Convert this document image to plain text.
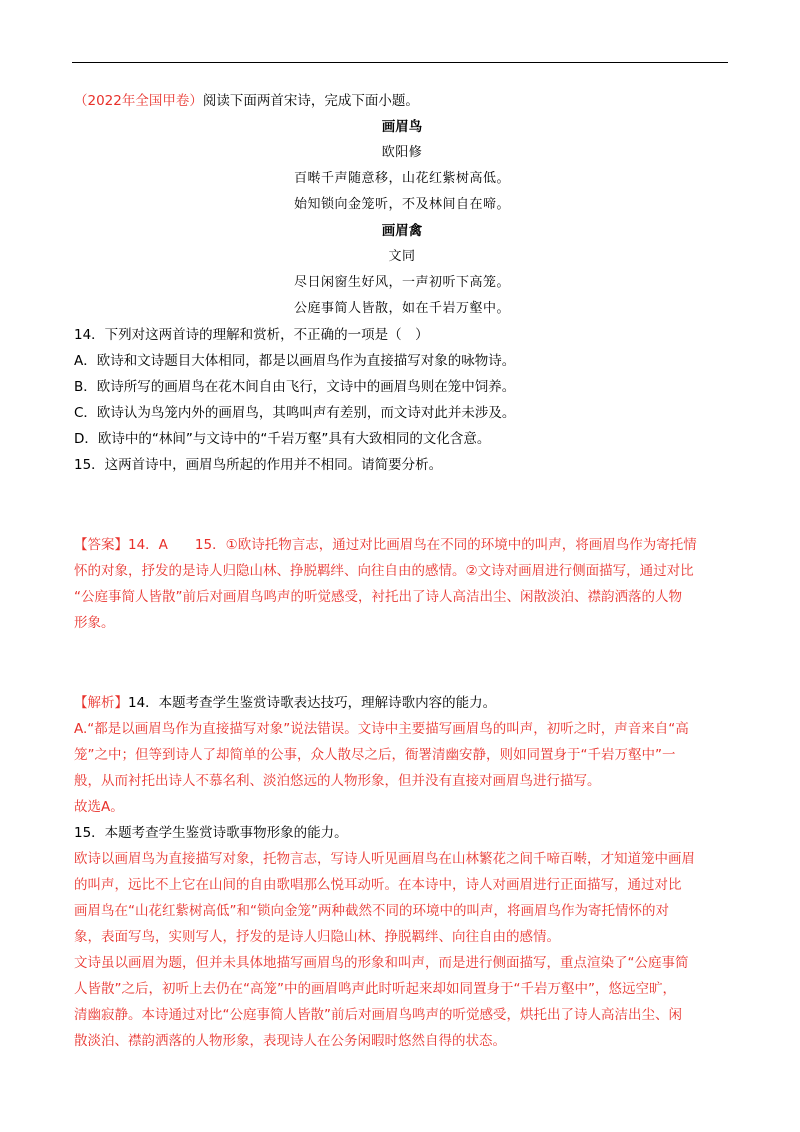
（2022年全国甲卷）阅读下面两首宋诗，完成下面小题。
画眉鸟
欧阳修
百啭千声随意移，山花红紫树高低。
始知锁向金笼听，不及林间自在啼。
画眉禽
文同
尽日闲窗生好风，一声初听下高笼。
公庭事简人皆散，如在千岩万壑中。
14．下列对这两首诗的理解和赏析，不正确的一项是（　）
A．欧诗和文诗题目大体相同，都是以画眉鸟作为直接描写对象的咏物诗。
B．欧诗所写的画眉鸟在花木间自由飞行，文诗中的画眉鸟则在笼中饲养。
C．欧诗认为鸟笼内外的画眉鸟，其鸣叫声有差别，而文诗对此并未涉及。
D．欧诗中的“林间”与文诗中的“千岩万壑”具有大致相同的文化含意。
15．这两首诗中，画眉鸟所起的作用并不相同。请简要分析。
【答案】14．A　　15．①欧诗托物言志，通过对比画眉鸟在不同的环境中的叫声，将画眉鸟作为寄托情
怀的对象，抒发的是诗人归隐山林、挣脱羁绊、向往自由的感情。②文诗对画眉进行侧面描写，通过对比
“公庭事简人皆散”前后对画眉鸟鸣声的听觉感受，衬托出了诗人高洁出尘、闲散淡泊、襟韵洒落的人物
形象。
【解析】14．本题考查学生鉴赏诗歌表达技巧，理解诗歌内容的能力。
A.“都是以画眉鸟作为直接描写对象”说法错误。文诗中主要描写画眉鸟的叫声，初听之时，声音来自“高
笼”之中；但等到诗人了却简单的公事，众人散尽之后，衙署清幽安静，则如同置身于“千岩万壑中”一
般，从而衬托出诗人不慕名利、淡泊悠远的人物形象，但并没有直接对画眉鸟进行描写。
故选A。
15．本题考查学生鉴赏诗歌事物形象的能力。
欧诗以画眉鸟为直接描写对象，托物言志，写诗人听见画眉鸟在山林繁花之间千啼百啭，才知道笼中画眉
的叫声，远比不上它在山间的自由歌唱那么悦耳动听。在本诗中，诗人对画眉进行正面描写，通过对比
画眉鸟在“山花红紫树高低”和“锁向金笼”两种截然不同的环境中的叫声，将画眉鸟作为寄托情怀的对
象，表面写鸟，实则写人，抒发的是诗人归隐山林、挣脱羁绊、向往自由的感情。
文诗虽以画眉为题，但并未具体地描写画眉鸟的形象和叫声，而是进行侧面描写，重点渲染了“公庭事简
人皆散”之后，初听上去仍在“高笼”中的画眉鸣声此时听起来却如同置身于“千岩万壑中”，悠远空旷，
清幽寂静。本诗通过对比“公庭事简人皆散”前后对画眉鸟鸣声的听觉感受，烘托出了诗人高洁出尘、闲
散淡泊、襟韵洒落的人物形象，表现诗人在公务闲暇时悠然自得的状态。
